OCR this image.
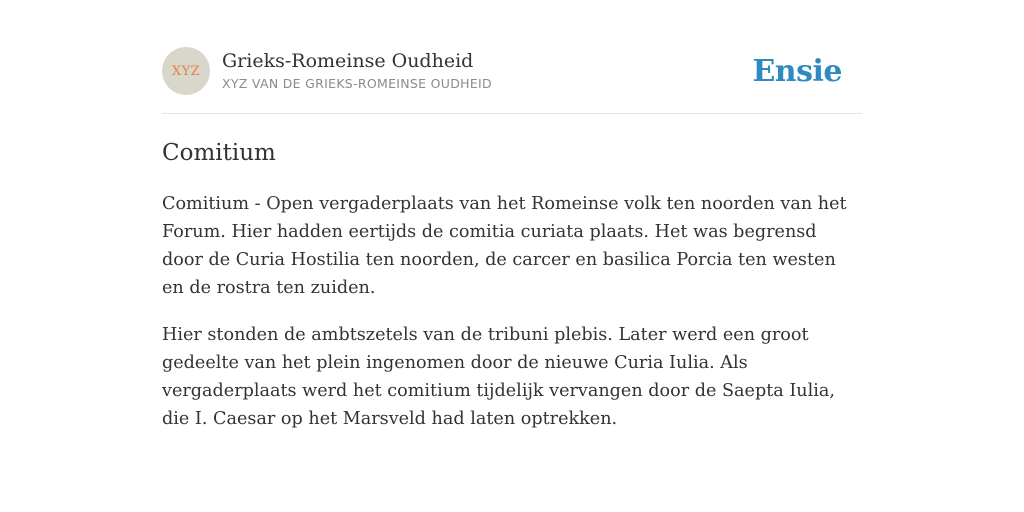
XYZ	Grieks-Romeinse Oudheid
XYZ VAN DE GRIEKS-ROMEINSE OUDHEID	Ensie
Comitium

Comitium - Open vergaderplaats van het Romeinse volk ten noorden van het Forum. Hier hadden eertijds de comitia curiata plaats. Het was begrensd door de Curia Hostilia ten noorden, de carcer en basilica Porcia ten westen en de rostra ten zuiden.

Hier stonden de ambtszetels van de tribuni plebis. Later werd een groot gedeelte van het plein ingenomen door de nieuwe Curia Iulia. Als vergaderplaats werd het comitium tijdelijk vervangen door de Saepta Iulia, die I. Caesar op het Marsveld had laten optrekken.
